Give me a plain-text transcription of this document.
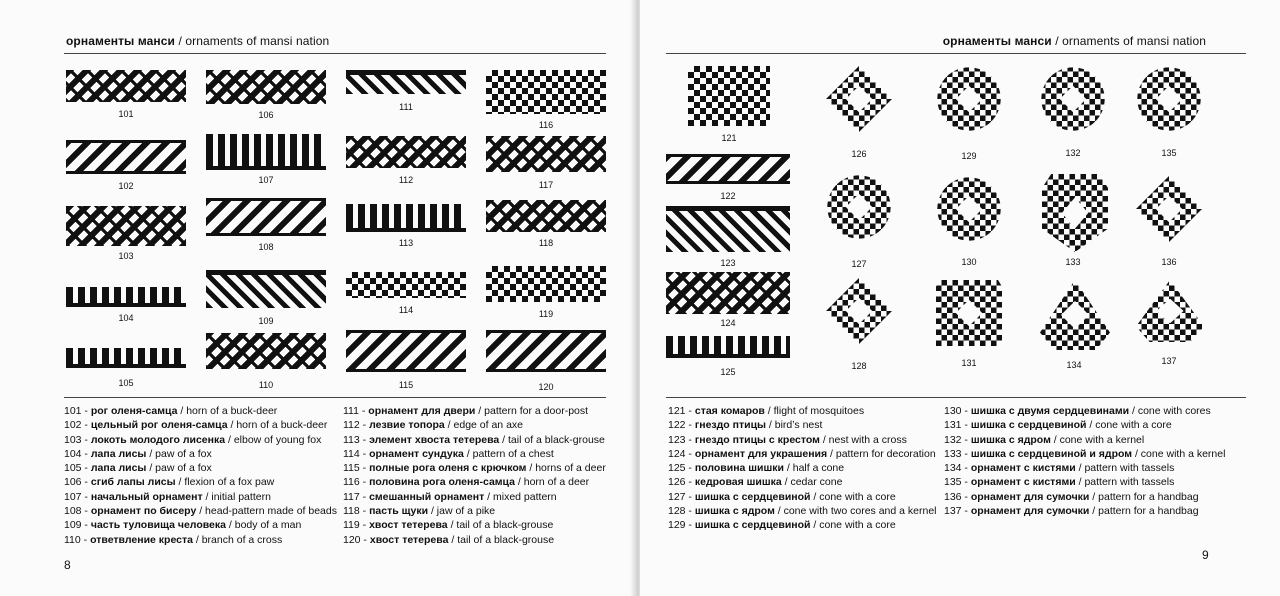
орнаменты манси / ornaments of mansi nation
101
102
103
104
105
106
107
108
109
110
111
112
113
114
115
116
117
118
119
120
101 - рог оленя-самца / horn of a buck-deer
102 - цельный рог оленя-самца / horn of a buck-deer
103 - локоть молодого лисенка / elbow of young fox
104 - лапа лисы / paw of a fox
105 - лапа лисы / paw of a fox
106 - сгиб лапы лисы / flexion of a fox paw
107 - начальный орнамент / initial pattern
108 - орнамент по бисеру / head-pattern made of beads
109 - часть туловища человека / body of a man
110 - ответвление креста / branch of a cross
111 - орнамент для двери / pattern for a door-post
112 - лезвие топора / edge of an axe
113 - элемент хвоста тетерева / tail of a black-grouse
114 - орнамент сундука / pattern of a chest
115 - полные рога оленя с крючком / horns of a deer
116 - половина рога оленя-самца / horn of a deer
117 - смешанный орнамент / mixed pattern
118 - пасть щуки / jaw of a pike
119 - хвост тетерева / tail of a black-grouse
120 - хвост тетерева / tail of a black-grouse
8
орнаменты манси / ornaments of mansi nation
121
122
123
124
125
126
127
128
129
130
131
132
133
134
135
136
137
121 - стая комаров / flight of mosquitoes
122 - гнездо птицы / bird’s nest
123 - гнездо птицы с крестом / nest with a cross
124 - орнамент для украшения / pattern for decoration
125 - половина шишки / half a cone
126 - кедровая шишка / cedar cone
127 - шишка с сердцевиной / cone with a core
128 - шишка с ядром / cone with two cores and a kernel
129 - шишка с сердцевиной / cone with a core
130 - шишка с двумя сердцевинами / cone with cores
131 - шишка с сердцевиной / cone with a core
132 - шишка с ядром / cone with a kernel
133 - шишка с сердцевиной и ядром / cone with a kernel
134 - орнамент с кистями / pattern with tassels
135 - орнамент с кистями / pattern with tassels
136 - орнамент для сумочки / pattern for a handbag
137 - орнамент для сумочки / pattern for a handbag
9
